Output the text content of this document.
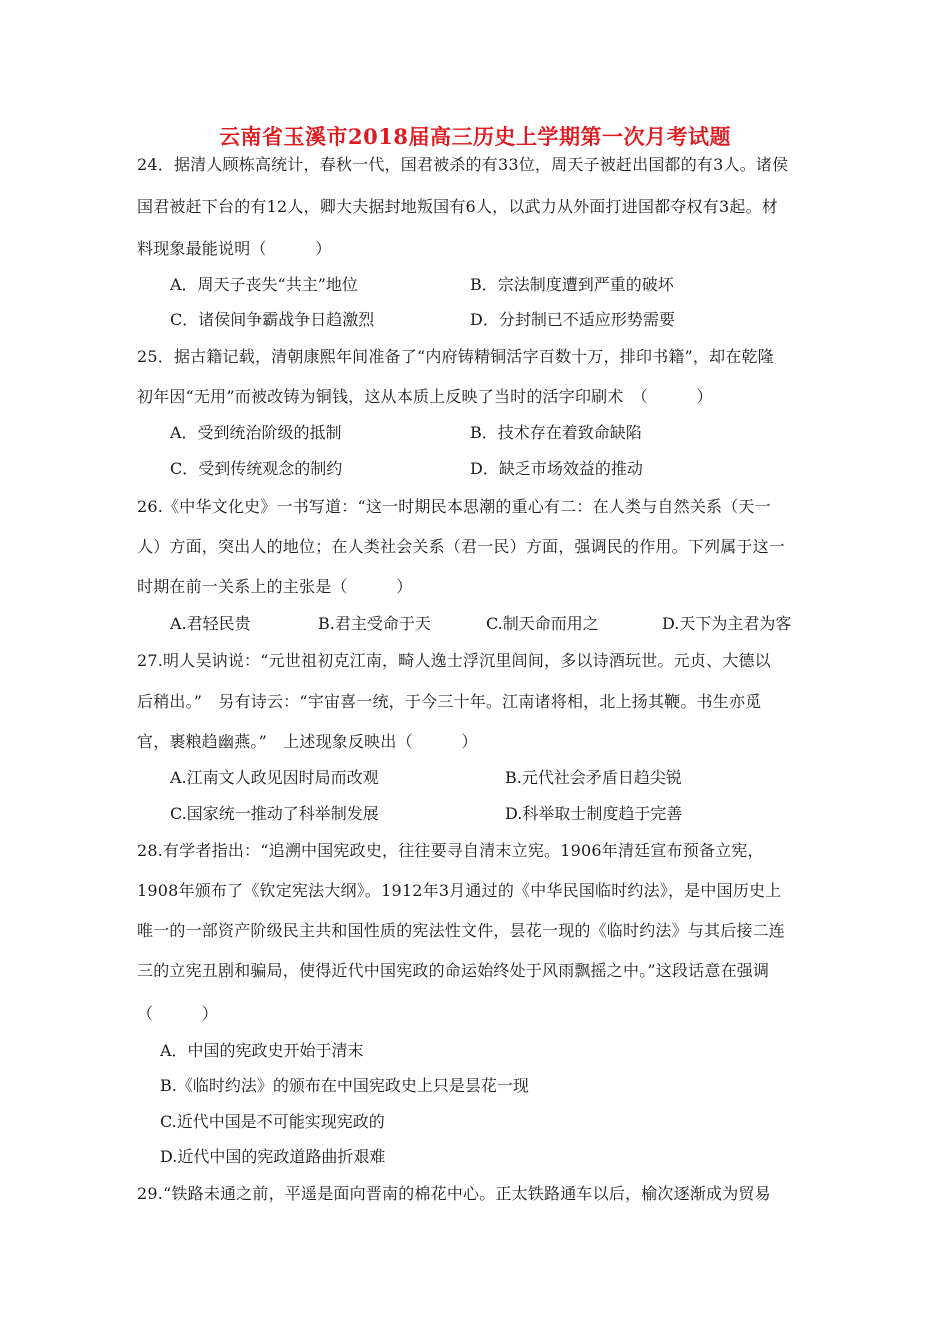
云南省玉溪市2018届高三历史上学期第一次月考试题
24．据清人顾栋高统计，春秋一代，国君被杀的有33位，周天子被赶出国都的有3人。诸侯
国君被赶下台的有12人，卿大夫据封地叛国有6人，以武力从外面打进国都夺权有3起。材
料现象最能说明（　　　）
A．周天子丧失“共主”地位	B．宗法制度遭到严重的破坏
C．诸侯间争霸战争日趋激烈	D．分封制已不适应形势需要
25．据古籍记载，清朝康熙年间准备了“内府铸精铜活字百数十万，排印书籍”，却在乾隆
初年因“无用”而被改铸为铜钱，这从本质上反映了当时的活字印刷术　（　　　）
A．受到统治阶级的抵制	B．技术存在着致命缺陷
C．受到传统观念的制约	D．缺乏市场效益的推动
26.《中华文化史》一书写道：“这一时期民本思潮的重心有二：在人类与自然关系（天一
人）方面，突出人的地位；在人类社会关系（君一民）方面，强调民的作用。下列属于这一
时期在前一关系上的主张是（　　　）
A.君轻民贵	B.君主受命于天	C.制天命而用之	D.天下为主君为客
27.明人吴讷说：“元世祖初克江南，畸人逸士浮沉里闾间，多以诗酒玩世。元贞、大德以
后稍出。”　另有诗云：“宇宙喜一统，于今三十年。江南诸将相，北上扬其鞭。书生亦觅
官，裹粮趋幽燕。”　上述现象反映出（　　　）
A.江南文人政见因时局而改观	B.元代社会矛盾日趋尖锐
C.国家统一推动了科举制发展	D.科举取士制度趋于完善
28.有学者指出：“追溯中国宪政史，往往要寻自清末立宪。1906年清廷宣布预备立宪，
1908年颁布了《钦定宪法大纲》。1912年3月通过的《中华民国临时约法》，是中国历史上
唯一的一部资产阶级民主共和国性质的宪法性文件，昙花一现的《临时约法》与其后接二连
三的立宪丑剧和骗局，使得近代中国宪政的命运始终处于风雨飘摇之中。”这段话意在强调
（　　　）
A．中国的宪政史开始于清末
B.《临时约法》的颁布在中国宪政史上只是昙花一现
C.近代中国是不可能实现宪政的
D.近代中国的宪政道路曲折艰难
29.“铁路未通之前，平遥是面向晋南的棉花中心。正太铁路通车以后，榆次逐渐成为贸易
